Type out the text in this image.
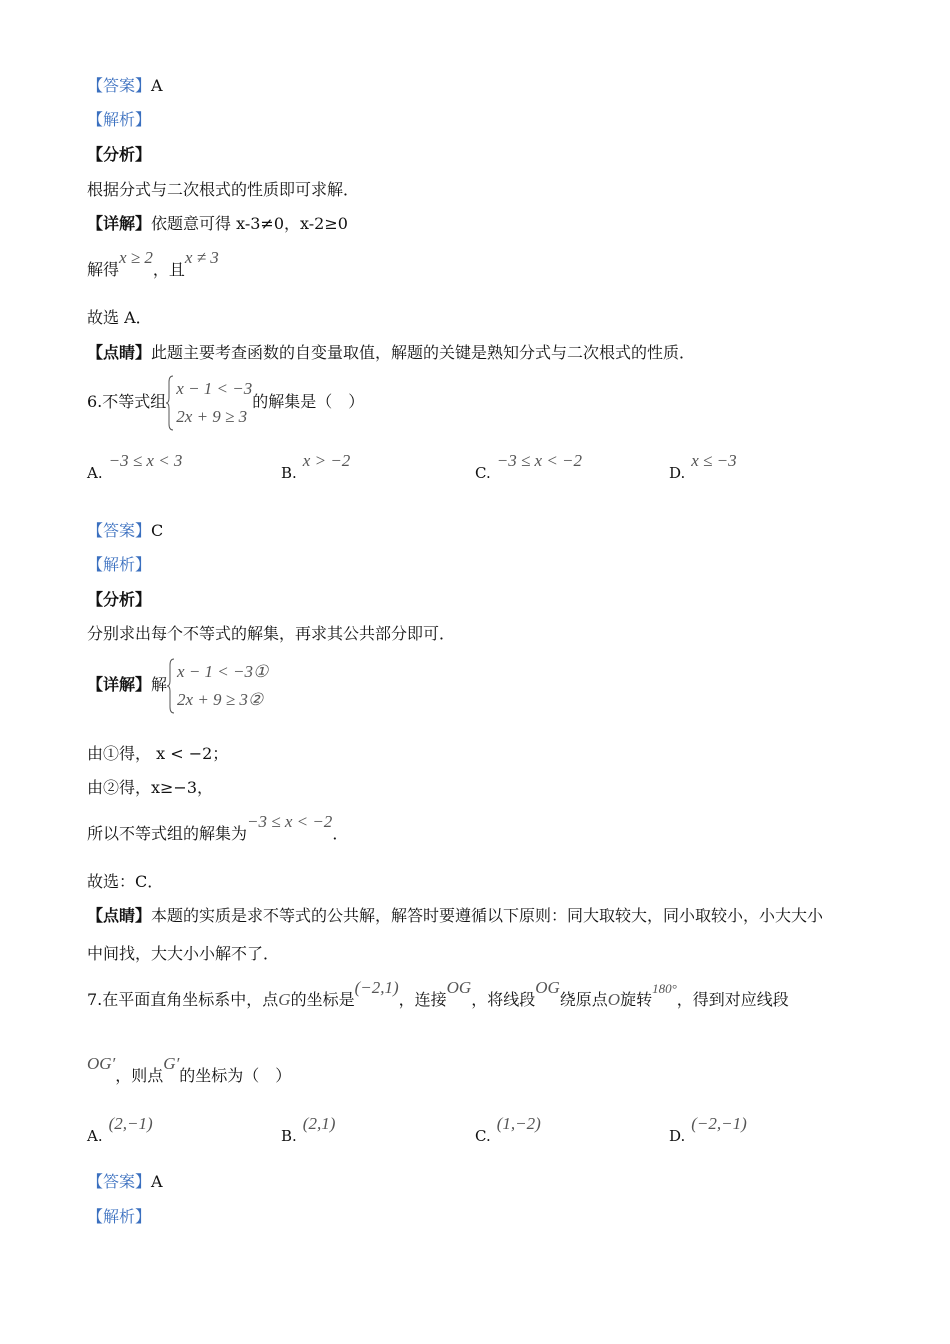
【答案】A
【解析】
【分析】
根据分式与二次根式的性质即可求解．
【详解】依题意可得 x-3≠0，x-2≥0
解得x ≥ 2，且x ≠ 3
故选 A．
【点睛】此题主要考查函数的自变量取值，解题的关键是熟知分式与二次根式的性质．
6.不等式组
x − 1 < −3
2x + 9 ≥ 3
的解集是（　）
A.−3 ≤ x < 3
B.x > −2
C.−3 ≤ x < −2
D.x ≤ −3
【答案】C
【解析】
【分析】
分别求出每个不等式的解集，再求其公共部分即可．
【详解】解
x − 1 < −3①
2x + 9 ≥ 3②
由①得， x < −2；
由②得，x≥−3，
所以不等式组的解集为−3 ≤ x < −2．
故选：C．
【点睛】本题的实质是求不等式的公共解，解答时要遵循以下原则：同大取较大，同小取较小，小大大小
中间找，大大小小解不了．
7.在平面直角坐标系中，点G的坐标是(−2,1)，连接OG，将线段OG绕原点O旋转$^{180^\circ}$，得到对应线段
OG′，则点G′的坐标为（　）
A.(2,−1)
B.(2,1)
C.(1,−2)
D.(−2,−1)
【答案】A
【解析】
